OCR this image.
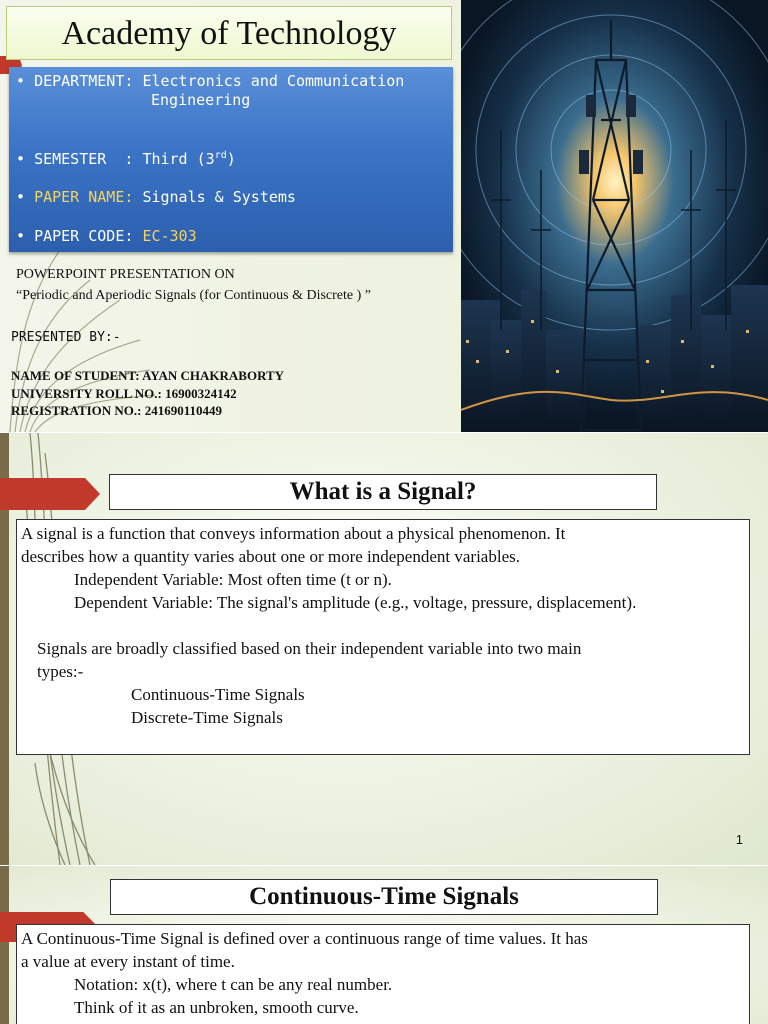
Academy of Technology
• DEPARTMENT: Electronics and Communication
Engineering
• SEMESTER  : Third (3rd)
• PAPER NAME: Signals & Systems
• PAPER CODE: EC-303
POWERPOINT PRESENTATION ON
“Periodic and Aperiodic Signals (for Continuous & Discrete ) ”
PRESENTED BY:-
NAME OF STUDENT: AYAN CHAKRABORTY
UNIVERSITY ROLL NO.: 16900324142
REGISTRATION NO.: 241690110449
What is a Signal?
A signal is a function that conveys information about a physical phenomenon. It
describes how a quantity varies about one or more independent variables.
Independent Variable: Most often time (t or n).
Dependent Variable: The signal's amplitude (e.g., voltage, pressure, displacement).
Signals are broadly classified based on their independent variable into two main
types:-
Continuous-Time Signals
Discrete-Time Signals
1
Continuous-Time Signals
A Continuous-Time Signal is defined over a continuous range of time values. It has
a value at every instant of time.
Notation: x(t), where t can be any real number.
Think of it as an unbroken, smooth curve.
